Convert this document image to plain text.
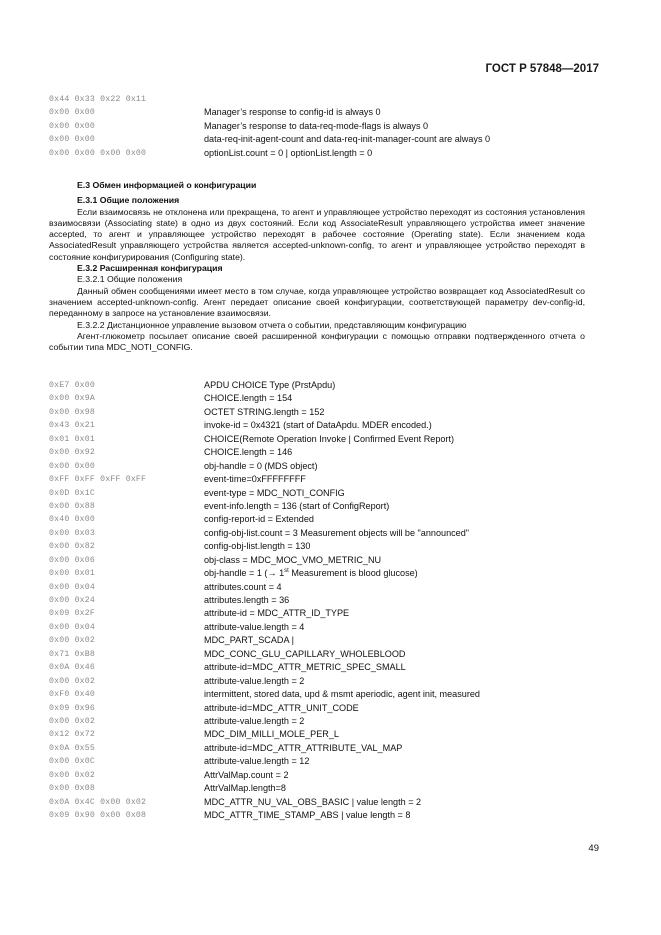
ГОСТ Р 57848—2017
0x44 0x33 0x22 0x11
0x00 0x00	Manager’s response to config-id is always 0
0x00 0x00	Manager’s response to data-req-mode-flags is always 0
0x00 0x00	data-req-init-agent-count and data-req-init-manager-count are always 0
0x00 0x00 0x00 0x00	optionList.count = 0 | optionList.length = 0

E.3 Обмен информацией о конфигурации

E.3.1 Общие положения

Если взаимосвязь не отклонена или прекращена, то агент и управляющее устройство переходят из состояния установления взаимосвязи (Associating state) в одно из двух состояний. Если код AssociateResult управляющего устройства имеет значение accepted, то агент и управляющее устройство переходят в рабочее состояние (Operating state). Если значением кода AssociatedResult управляющего устройства является accepted-unknown-config, то агент и управляющее устройство переходят в состояние конфигурирования (Configuring state).

E.3.2 Расширенная конфигурация

E.3.2.1 Общие положения

Данный обмен сообщениями имеет место в том случае, когда управляющее устройство возвращает код AssociatedResult со значением accepted-unknown-config. Агент передает описание своей конфигурации, соответствующей параметру dev-config-id, переданному в запросе на установление взаимосвязи.

E.3.2.2 Дистанционное управление вызовом отчета о событии, представляющим конфигурацию

Агент-глюкометр посылает описание своей расширенной конфигурации с помощью отправки подтвержденного отчета о событии типа MDC_NOTI_CONFIG.

0xE7 0x00	APDU CHOICE Type (PrstApdu)
0x00 0x9A	CHOICE.length = 154
0x00 0x98	OCTET STRING.length = 152
0x43 0x21	invoke-id = 0x4321 (start of DataApdu. MDER encoded.)
0x01 0x01	CHOICE(Remote Operation Invoke | Confirmed Event Report)
0x00 0x92	CHOICE.length = 146
0x00 0x00	obj-handle = 0 (MDS object)
0xFF 0xFF 0xFF 0xFF	event-time=0xFFFFFFFF
0x0D 0x1C	event-type = MDC_NOTI_CONFIG
0x00 0x88	event-info.length = 136 (start of ConfigReport)
0x40 0x00	config-report-id = Extended
0x00 0x03	config-obj-list.count = 3 Measurement objects will be "announced"
0x00 0x82	config-obj-list.length = 130
0x00 0x06	obj-class = MDC_MOC_VMO_METRIC_NU
0x00 0x01	obj-handle = 1 (→ 1st Measurement is blood glucose)
0x00 0x04	attributes.count = 4
0x00 0x24	attributes.length = 36
0x09 0x2F	attribute-id = MDC_ATTR_ID_TYPE
0x00 0x04	attribute-value.length = 4
0x00 0x02	MDC_PART_SCADA |
0x71 0xB8	MDC_CONC_GLU_CAPILLARY_WHOLEBLOOD
0x0A 0x46	attribute-id=MDC_ATTR_METRIC_SPEC_SMALL
0x00 0x02	attribute-value.length = 2
0xF0 0x40	intermittent, stored data, upd & msmt aperiodic, agent init, measured
0x09 0x96	attribute-id=MDC_ATTR_UNIT_CODE
0x00 0x02	attribute-value.length = 2
0x12 0x72	MDC_DIM_MILLI_MOLE_PER_L
0x0A 0x55	attribute-id=MDC_ATTR_ATTRIBUTE_VAL_MAP
0x00 0x0C	attribute-value.length = 12
0x00 0x02	AttrValMap.count = 2
0x00 0x08	AttrValMap.length=8
0x0A 0x4C 0x00 0x02	MDC_ATTR_NU_VAL_OBS_BASIC | value length = 2
0x09 0x90 0x00 0x08	MDC_ATTR_TIME_STAMP_ABS | value length = 8
49
